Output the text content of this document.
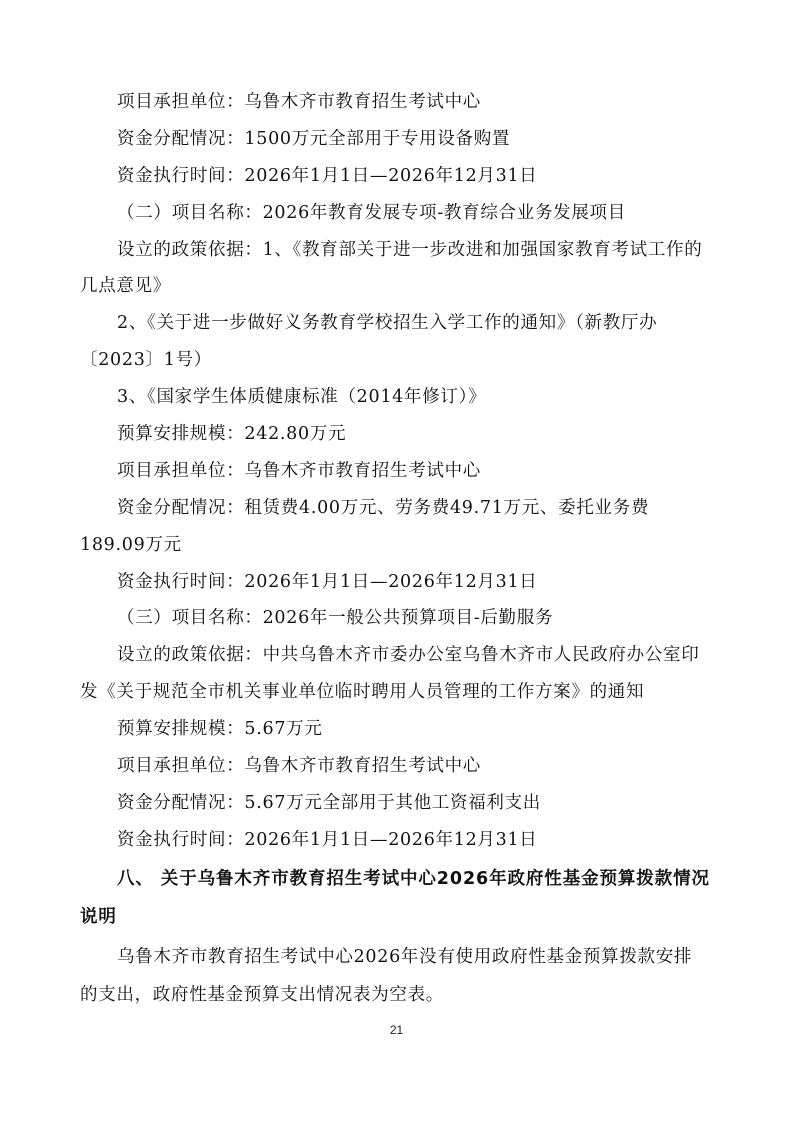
项目承担单位：乌鲁木齐市教育招生考试中心
资金分配情况：1500万元全部用于专用设备购置
资金执行时间：2026年1月1日—2026年12月31日
（二）项目名称：2026年教育发展专项-教育综合业务发展项目
设立的政策依据：1、《教育部关于进一步改进和加强国家教育考试工作的
几点意见》
2、《关于进一步做好义务教育学校招生入学工作的通知》（新教厅办
〔2023〕1号）
3、《国家学生体质健康标准（2014年修订）》
预算安排规模：242.80万元
项目承担单位：乌鲁木齐市教育招生考试中心
资金分配情况：租赁费4.00万元、劳务费49.71万元、委托业务费
189.09万元
资金执行时间：2026年1月1日—2026年12月31日
（三）项目名称：2026年一般公共预算项目-后勤服务
设立的政策依据：中共乌鲁木齐市委办公室乌鲁木齐市人民政府办公室印
发《关于规范全市机关事业单位临时聘用人员管理的工作方案》的通知
预算安排规模：5.67万元
项目承担单位：乌鲁木齐市教育招生考试中心
资金分配情况：5.67万元全部用于其他工资福利支出
资金执行时间：2026年1月1日—2026年12月31日
八、 关于乌鲁木齐市教育招生考试中心2026年政府性基金预算拨款情况
说明
乌鲁木齐市教育招生考试中心2026年没有使用政府性基金预算拨款安排
的支出，政府性基金预算支出情况表为空表。
21
